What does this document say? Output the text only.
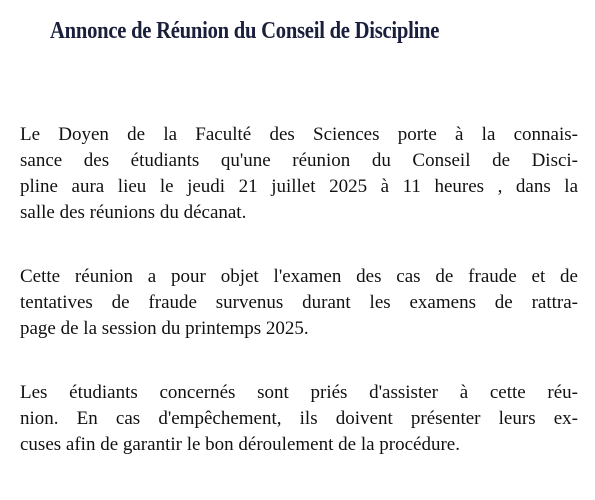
Annonce de Réunion du Conseil de Discipline

Le Doyen de la Faculté des Sciences porte à la connais-
sance des étudiants qu'une réunion du Conseil de Disci-
pline aura lieu le jeudi 21 juillet 2025 à 11 heures , dans la
salle des réunions du décanat.

Cette réunion a pour objet l'examen des cas de fraude et de
tentatives de fraude survenus durant les examens de rattra-
page de la session du printemps 2025.

Les étudiants concernés sont priés d'assister à cette réu-
nion. En cas d'empêchement, ils doivent présenter leurs ex-
cuses afin de garantir le bon déroulement de la procédure.
